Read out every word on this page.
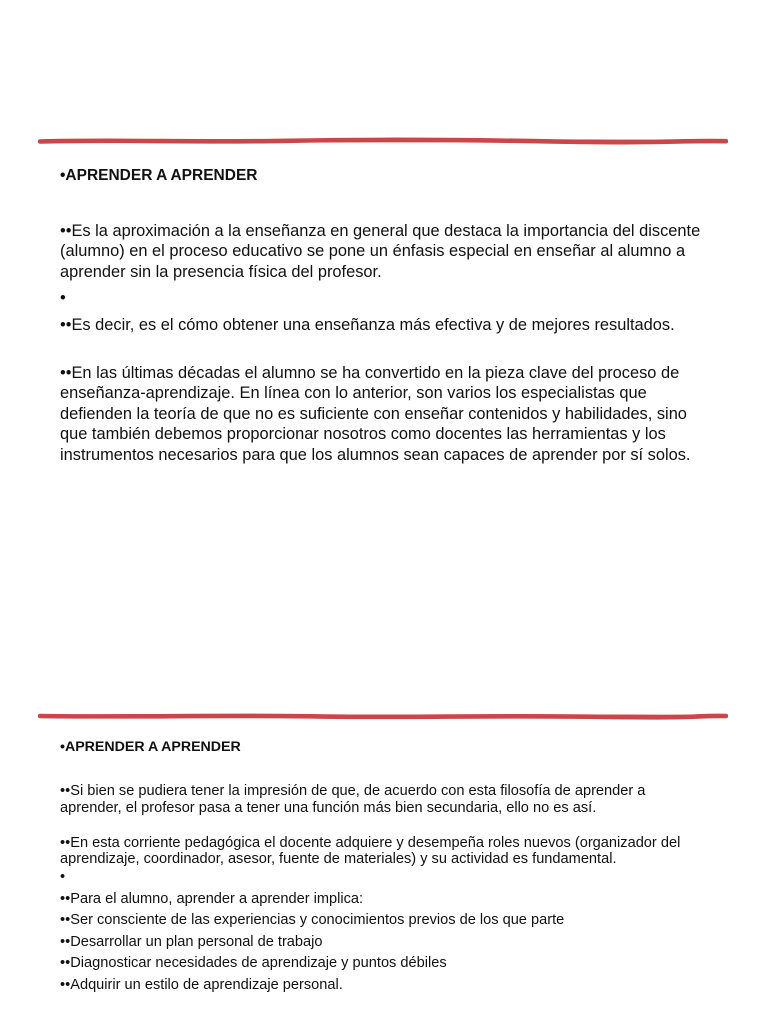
•APRENDER A APRENDER

••Es la aproximación a la enseñanza en general que destaca la importancia del discente (alumno) en el proceso educativo se pone un énfasis especial en enseñar al alumno a aprender sin la presencia física del profesor.

•

••Es decir, es el cómo obtener una enseñanza más efectiva y de mejores resultados.

••En las últimas décadas el alumno se ha convertido en la pieza clave del proceso de enseñanza-aprendizaje. En línea con lo anterior, son varios los especialistas que defienden la teoría de que no es suficiente con enseñar contenidos y habilidades, sino que también debemos proporcionar nosotros como docentes las herramientas y los instrumentos necesarios para que los alumnos sean capaces de aprender por sí solos.

•APRENDER A APRENDER

••Si bien se pudiera tener la impresión de que, de acuerdo con esta filosofía de aprender a aprender, el profesor pasa a tener una función más bien secundaria, ello no es así.

••En esta corriente pedagógica el docente adquiere y desempeña roles nuevos (organizador del aprendizaje, coordinador, asesor, fuente de materiales) y su actividad es fundamental.

•

••Para el alumno, aprender a aprender implica:

••Ser consciente de las experiencias y conocimientos previos de los que parte

••Desarrollar un plan personal de trabajo

••Diagnosticar necesidades de aprendizaje y puntos débiles

••Adquirir un estilo de aprendizaje personal.
